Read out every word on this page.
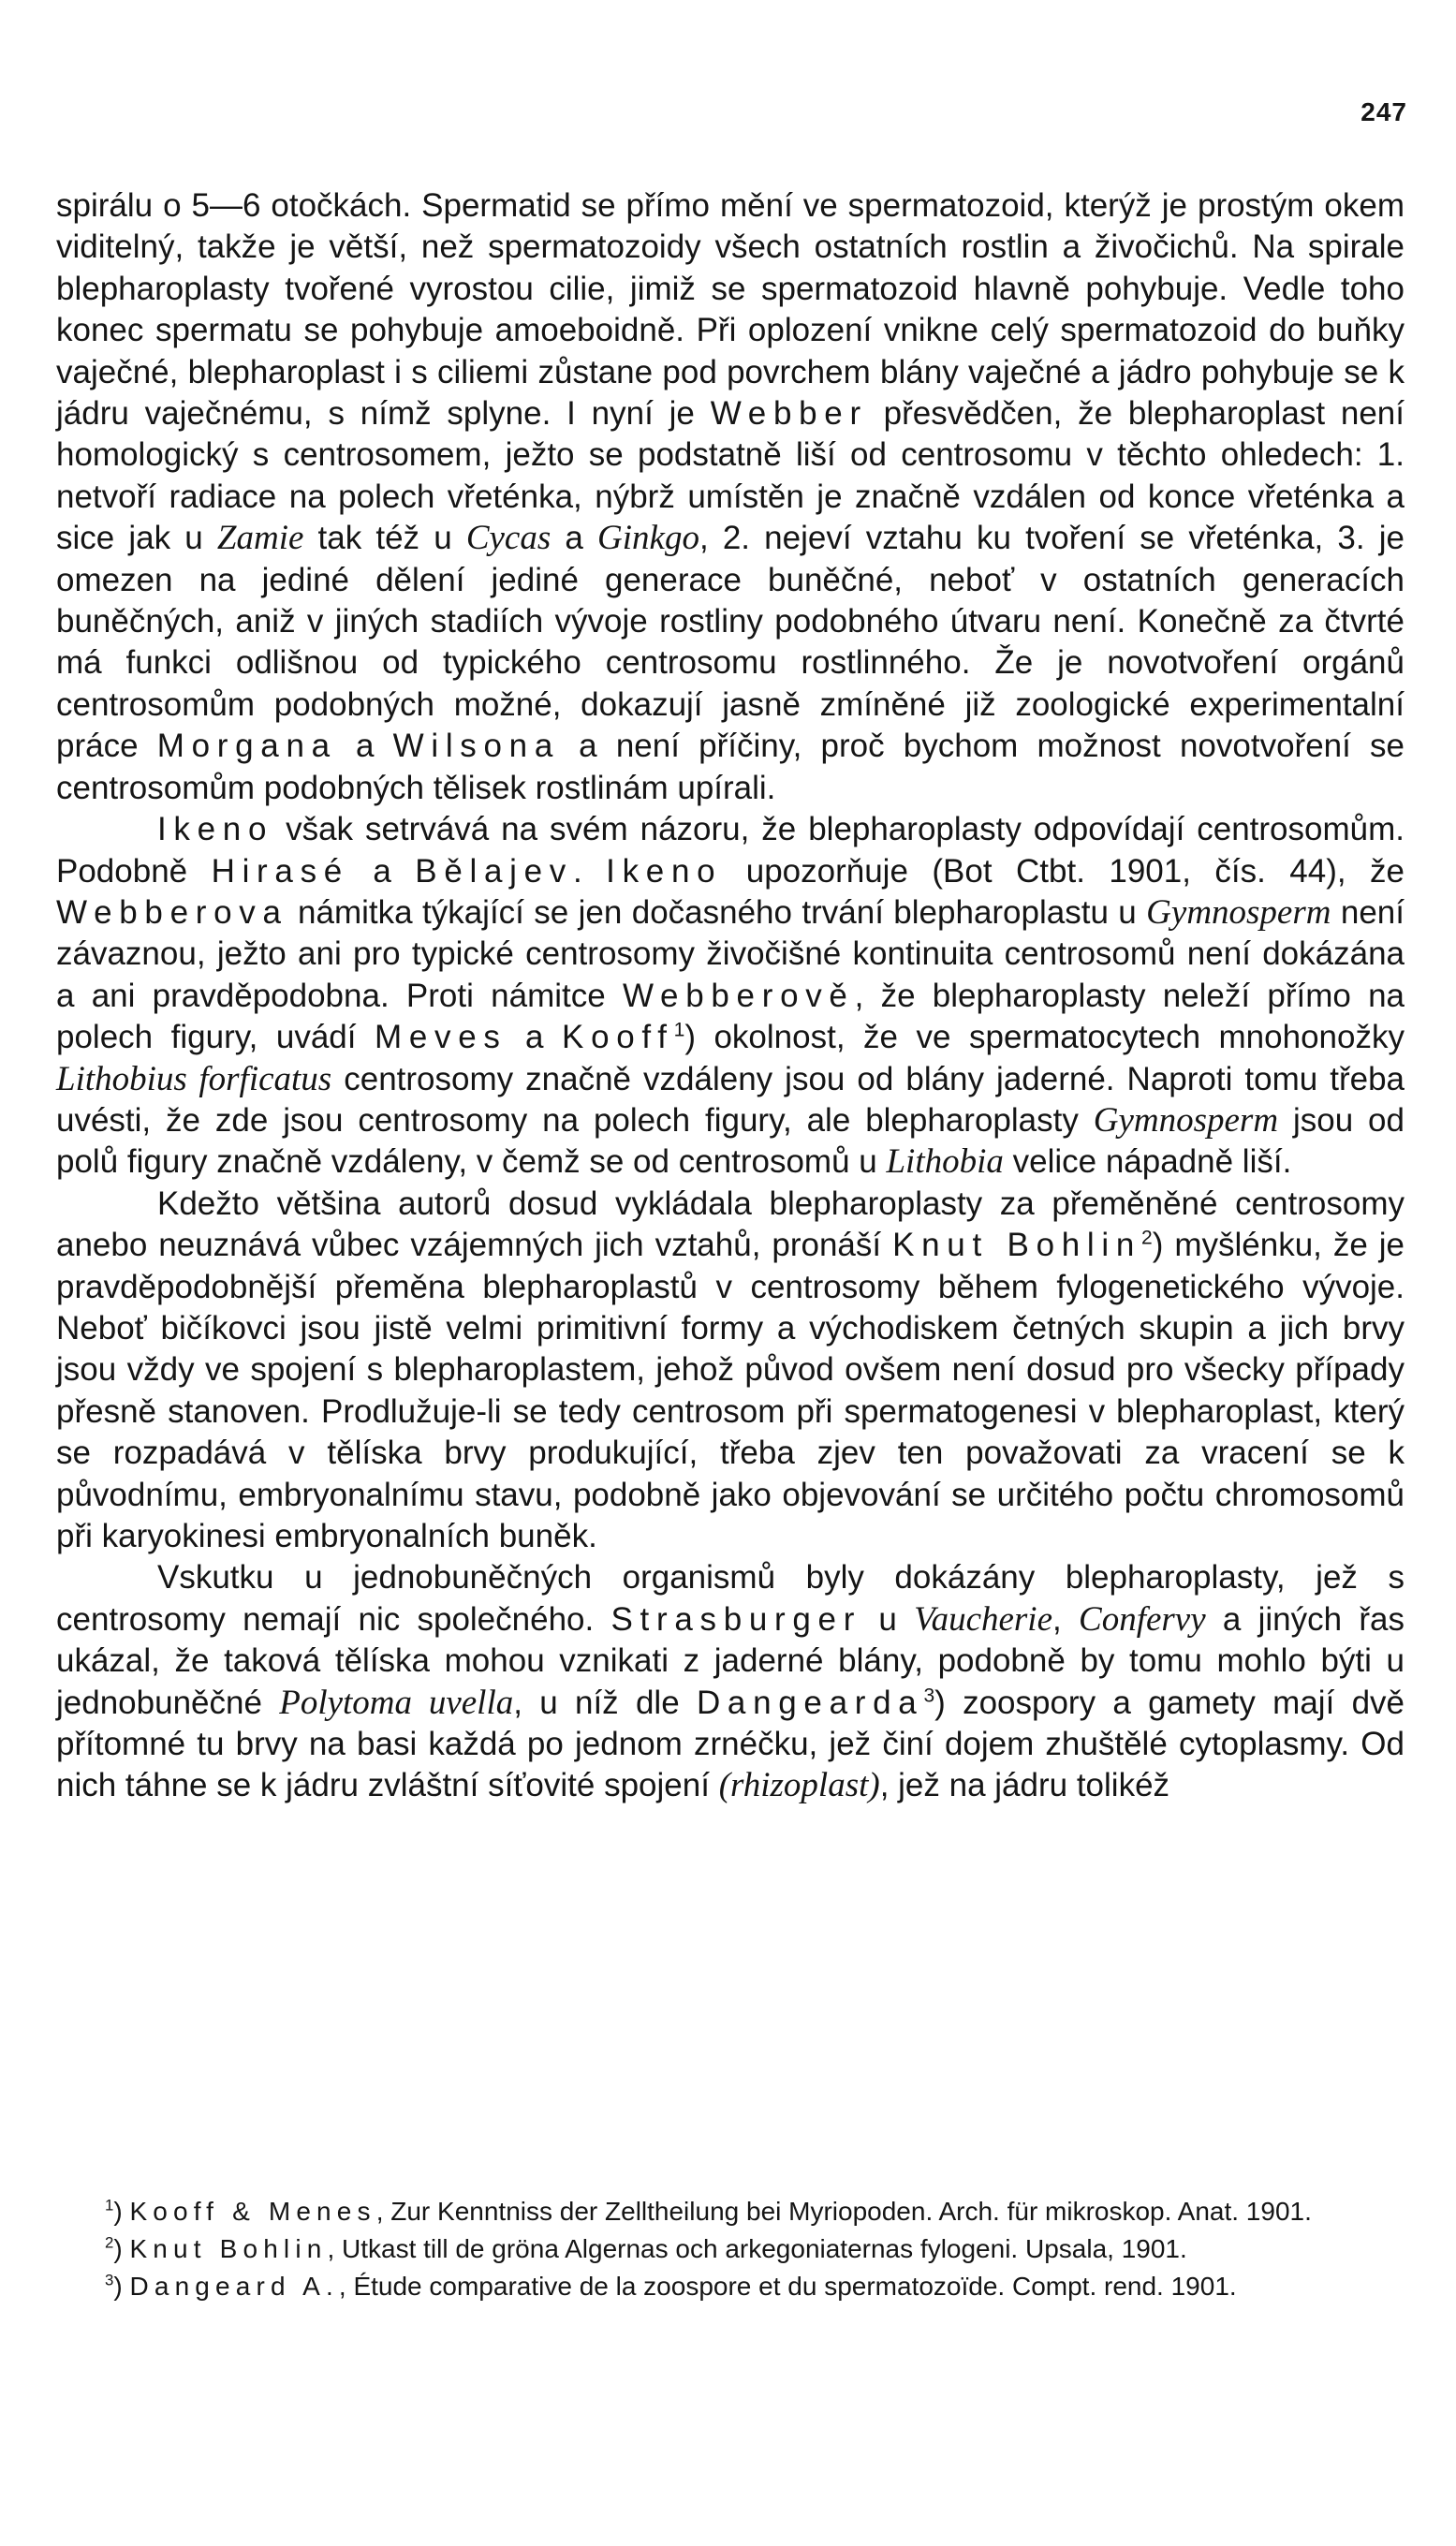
247

spirálu o 5—6 otočkách. Spermatid se přímo mění ve spermatozoid, kterýž je prostým okem viditelný, takže je větší, než spermatozoidy všech ostatních rostlin a živočichů. Na spirale blepharoplasty tvořené vyrostou cilie, jimiž se spermatozoid hlavně pohybuje. Vedle toho konec spermatu se pohybuje amoeboidně. Při oplození vnikne celý spermatozoid do buňky vaječné, blepharoplast i s ciliemi zůstane pod povrchem blány vaječné a jádro pohybuje se k jádru vaječnému, s nímž splyne. I nyní je Webber přesvědčen, že blepharoplast není homologický s centrosomem, ježto se podstatně liší od centrosomu v těchto ohledech: 1. netvoří radiace na polech vřeténka, nýbrž umístěn je značně vzdálen od konce vřeténka a sice jak u Zamie tak též u Cycas a Ginkgo, 2. nejeví vztahu ku tvoření se vřeténka, 3. je omezen na jediné dělení jediné generace buněčné, neboť v ostatních generacích buněčných, aniž v jiných stadiích vývoje rostliny podobného útvaru není. Konečně za čtvrté má funkci odlišnou od typického centrosomu rostlinného. Že je novotvoření orgánů centrosomům podobných možné, dokazují jasně zmíněné již zoologické experimentalní práce Morgana a Wilsona a není příčiny, proč bychom možnost novotvoření se centrosomům podobných tělisek rostlinám upírali.

Ikeno však setrvává na svém názoru, že blepharoplasty odpovídají centrosomům. Podobně Hirasé a Bělajev. Ikeno upozorňuje (Bot Ctbt. 1901, čís. 44), že Webberova námitka týkající se jen dočasného trvání blepharoplastu u Gymnosperm není závaznou, ježto ani pro typické centrosomy živočišné kontinuita centrosomů není dokázána a ani pravděpodobna. Proti námitce Webberově, že blepharoplasty neleží přímo na polech figury, uvádí Meves a Kooff$^1$) okolnost, že ve spermatocytech mnohonožky Lithobius forficatus centrosomy značně vzdáleny jsou od blány jaderné. Naproti tomu třeba uvésti, že zde jsou centrosomy na polech figury, ale blepharoplasty Gymnosperm jsou od polů figury značně vzdáleny, v čemž se od centrosomů u Lithobia velice nápadně liší.

Kdežto většina autorů dosud vykládala blepharoplasty za přeměněné centrosomy anebo neuznává vůbec vzájemných jich vztahů, pronáší Knut Bohlin$^2$) myšlénku, že je pravděpodobnější přeměna blepharoplastů v centrosomy během fylogenetického vývoje. Neboť bičíkovci jsou jistě velmi primitivní formy a východiskem četných skupin a jich brvy jsou vždy ve spojení s blepharoplastem, jehož původ ovšem není dosud pro všecky případy přesně stanoven. Prodlužuje-li se tedy centrosom při spermatogenesi v blepharoplast, který se rozpadává v tělíska brvy produkující, třeba zjev ten považovati za vracení se k původnímu, embryonalnímu stavu, podobně jako objevování se určitého počtu chromosomů při karyokinesi embryonalních buněk.

Vskutku u jednobuněčných organismů byly dokázány blepharoplasty, jež s centrosomy nemají nic společného. Strasburger u Vaucherie, Confervy a jiných řas ukázal, že taková tělíska mohou vznikati z jaderné blány, podobně by tomu mohlo býti u jednobuněčné Polytoma uvella, u níž dle Dangearda$^3$) zoospory a gamety mají dvě přítomné tu brvy na basi každá po jednom zrnéčku, jež činí dojem zhuštělé cytoplasmy. Od nich táhne se k jádru zvláštní síťovité spojení (rhizoplast), jež na jádru tolikéž

$^1$) Kooff & Menes, Zur Kenntniss der Zelltheilung bei Myriopoden. Arch. für mikroskop. Anat. 1901.

$^2$) Knut Bohlin, Utkast till de gröna Algernas och arkegoniaternas fylogeni. Upsala, 1901.

$^3$) Dangeard A., Étude comparative de la zoospore et du spermatozoïde. Compt. rend. 1901.
